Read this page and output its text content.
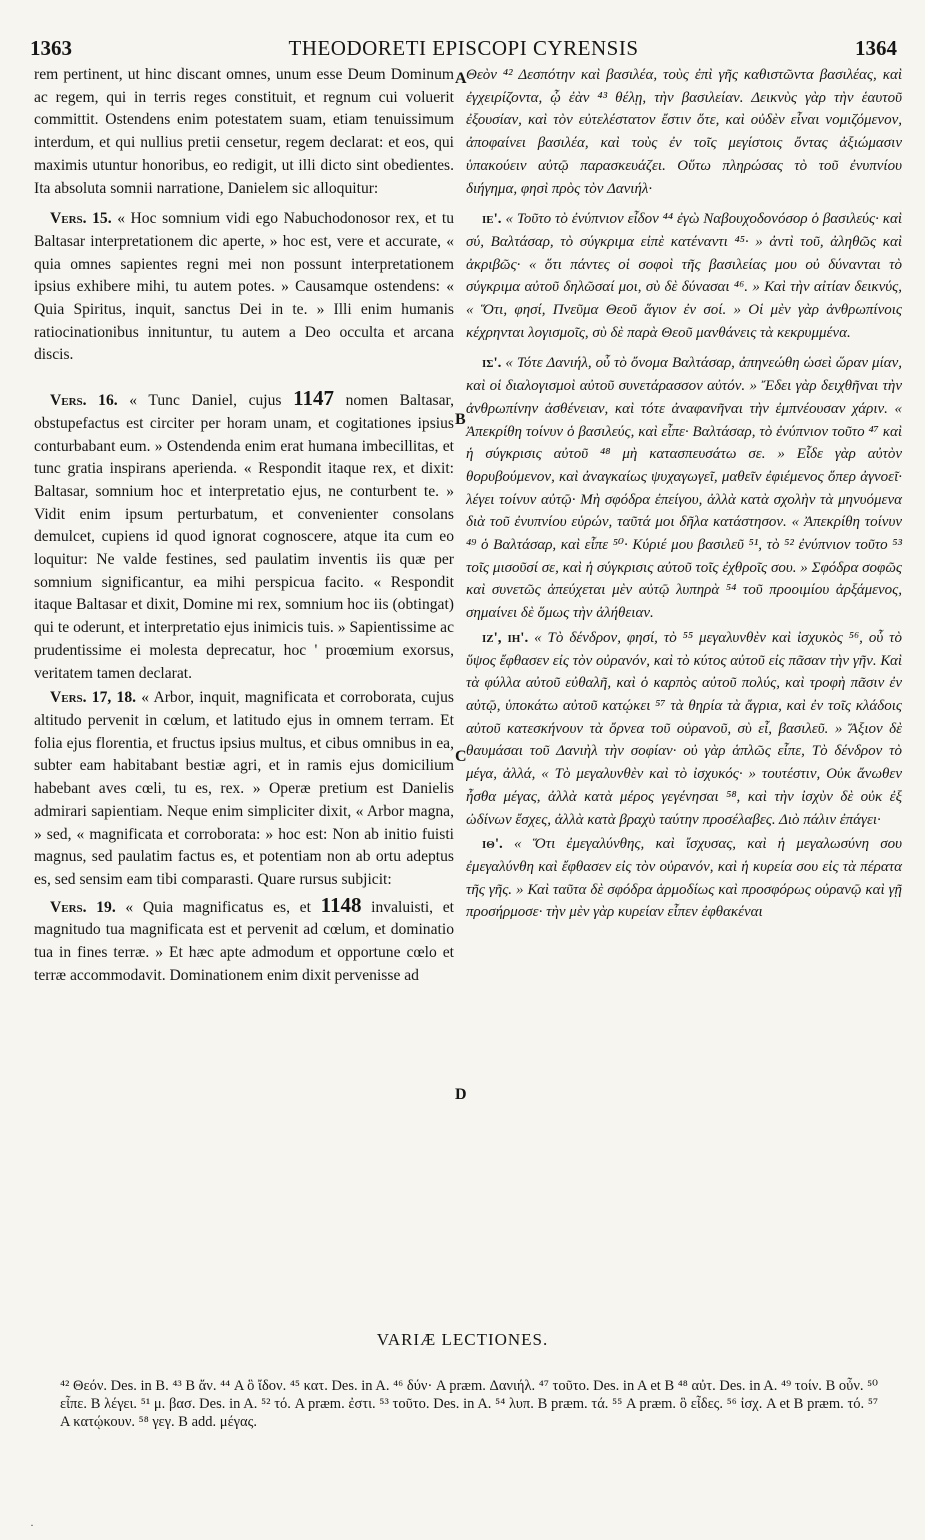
1363	THEODORETI EPISCOPI CYRENSIS	1364
A
B
C
D

rem pertinent, ut hinc discant omnes, unum esse Deum Dominum ac regem, qui in terris reges constituit, et regnum cui voluerit committit. Ostendens enim potestatem suam, etiam tenuissimum interdum, et qui nullius pretii censetur, regem declarat: et eos, qui maximis utuntur honoribus, eo redigit, ut illi dicto sint obedientes. Ita absoluta somnii narratione, Danielem sic alloquitur:

Vers. 15. « Hoc somnium vidi ego Nabuchodonosor rex, et tu Baltasar interpretationem dic aperte, » hoc est, vere et accurate, « quia omnes sapientes regni mei non possunt interpretationem ipsius exhibere mihi, tu autem potes. » Causamque ostendens: « Quia Spiritus, inquit, sanctus Dei in te. » Illi enim humanis ratiocinationibus innituntur, tu autem a Deo occulta et arcana discis.

Vers. 16. « Tunc Daniel, cujus 1147 nomen Baltasar, obstupefactus est circiter per horam unam, et cogitationes ipsius conturbabant eum. » Ostendenda enim erat humana imbecillitas, et tunc gratia inspirans aperienda. « Respondit itaque rex, et dixit: Baltasar, somnium hoc et interpretatio ejus, ne conturbent te. » Vidit enim ipsum perturbatum, et convenienter consolans demulcet, cupiens id quod ignorat cognoscere, atque ita cum eo loquitur: Ne valde festines, sed paulatim inventis iis quæ per somnium significantur, ea mihi perspicua facito. « Respondit itaque Baltasar et dixit, Domine mi rex, somnium hoc iis (obtingat) qui te oderunt, et interpretatio ejus inimicis tuis. » Sapientissime ac prudentissime ei molesta deprecatur, hoc ' proœmium exorsus, veritatem tamen declarat.

Vers. 17, 18. « Arbor, inquit, magnificata et corroborata, cujus altitudo pervenit in cœlum, et latitudo ejus in omnem terram. Et folia ejus florentia, et fructus ipsius multus, et cibus omnibus in ea, subter eam habitabant bestiæ agri, et in ramis ejus domicilium habebant aves cœli, tu es, rex. » Operæ pretium est Danielis admirari sapientiam. Neque enim simpliciter dixit, « Arbor magna, » sed, « magnificata et corroborata: » hoc est: Non ab initio fuisti magnus, sed paulatim factus es, et potentiam non ab ortu adeptus es, sed sensim eam tibi comparasti. Quare rursus subjicit:

Vers. 19. « Quia magnificatus es, et 1148 invaluisti, et magnitudo tua magnificata est et pervenit ad cœlum, et dominatio tua in fines terræ. » Et hæc apte admodum et opportune cœlo et terræ accommodavit. Dominationem enim dixit pervenisse ad

Θεὸν ⁴² Δεσπότην καὶ βασιλέα, τοὺς ἐπὶ γῆς καθιστῶντα βασιλέας, καὶ ἐγχειρίζοντα, ᾧ ἐὰν ⁴³ θέλῃ, τὴν βασιλείαν. Δεικνὺς γὰρ τὴν ἑαυτοῦ ἐξουσίαν, καὶ τὸν εὐτελέστατον ἔστιν ὅτε, καὶ οὐδὲν εἶναι νομιζόμενον, ἀποφαίνει βασιλέα, καὶ τοὺς ἐν τοῖς μεγίστοις ὄντας ἀξιώμασιν ὑπακούειν αὐτῷ παρασκευάζει. Οὕτω πληρώσας τὸ τοῦ ἐνυπνίου διήγημα, φησὶ πρὸς τὸν Δανιήλ·

ιε'. « Τοῦτο τὸ ἐνύπνιον εἶδον ⁴⁴ ἐγὼ Ναβουχοδονόσορ ὁ βασιλεύς· καὶ σύ, Βαλτάσαρ, τὸ σύγκριμα εἰπὲ κατέναντι ⁴⁵· » ἀντὶ τοῦ, ἀληθῶς καὶ ἀκριβῶς· « ὅτι πάντες οἱ σοφοὶ τῆς βασιλείας μου οὐ δύνανται τὸ σύγκριμα αὐτοῦ δηλῶσαί μοι, σὺ δὲ δύνασαι ⁴⁶. » Καὶ τὴν αἰτίαν δεικνύς, « Ὅτι, φησί, Πνεῦμα Θεοῦ ἅγιον ἐν σοί. » Οἱ μὲν γὰρ ἀνθρωπίνοις κέχρηνται λογισμοῖς, σὺ δὲ παρὰ Θεοῦ μανθάνεις τὰ κεκρυμμένα.

ις'. « Τότε Δανιήλ, οὗ τὸ ὄνομα Βαλτάσαρ, ἀπηνεώθη ὡσεὶ ὥραν μίαν, καὶ οἱ διαλογισμοὶ αὐτοῦ συνετάρασσον αὐτόν. » Ἔδει γὰρ δειχθῆναι τὴν ἀνθρωπίνην ἀσθένειαν, καὶ τότε ἀναφανῆναι τὴν ἐμπνέουσαν χάριν. « Ἀπεκρίθη τοίνυν ὁ βασιλεύς, καὶ εἶπε· Βαλτάσαρ, τὸ ἐνύπνιον τοῦτο ⁴⁷ καὶ ἡ σύγκρισις αὐτοῦ ⁴⁸ μὴ κατασπευσάτω σε. » Εἶδε γὰρ αὐτὸν θορυβούμενον, καὶ ἀναγκαίως ψυχαγωγεῖ, μαθεῖν ἐφιέμενος ὅπερ ἀγνοεῖ· λέγει τοίνυν αὐτῷ· Μὴ σφόδρα ἐπείγου, ἀλλὰ κατὰ σχολὴν τὰ μηνυόμενα διὰ τοῦ ἐνυπνίου εὑρών, ταῦτά μοι δῆλα κατάστησον. « Ἀπεκρίθη τοίνυν ⁴⁹ ὁ Βαλτάσαρ, καὶ εἶπε ⁵⁰· Κύριέ μου βασιλεῦ ⁵¹, τὸ ⁵² ἐνύπνιον τοῦτο ⁵³ τοῖς μισοῦσί σε, καὶ ἡ σύγκρισις αὐτοῦ τοῖς ἐχθροῖς σου. » Σφόδρα σοφῶς καὶ συνετῶς ἀπεύχεται μὲν αὐτῷ λυπηρὰ ⁵⁴ τοῦ προοιμίου ἀρξάμενος, σημαίνει δὲ ὅμως τὴν ἀλήθειαν.

ιζ', ιη'. « Τὸ δένδρον, φησί, τὸ ⁵⁵ μεγαλυνθὲν καὶ ἰσχυκὸς ⁵⁶, οὗ τὸ ὕψος ἔφθασεν εἰς τὸν οὐρανόν, καὶ τὸ κύτος αὐτοῦ εἰς πᾶσαν τὴν γῆν. Καὶ τὰ φύλλα αὐτοῦ εὐθαλῆ, καὶ ὁ καρπὸς αὐτοῦ πολύς, καὶ τροφὴ πᾶσιν ἐν αὐτῷ, ὑποκάτω αὐτοῦ κατῴκει ⁵⁷ τὰ θηρία τὰ ἄγρια, καὶ ἐν τοῖς κλάδοις αὐτοῦ κατεσκήνουν τὰ ὄρνεα τοῦ οὐρανοῦ, σὺ εἶ, βασιλεῦ. » Ἄξιον δὲ θαυμάσαι τοῦ Δανιὴλ τὴν σοφίαν· οὐ γὰρ ἁπλῶς εἶπε, Τὸ δένδρον τὸ μέγα, ἀλλά, « Τὸ μεγαλυνθὲν καὶ τὸ ἰσχυκός· » τουτέστιν, Οὐκ ἄνωθεν ἦσθα μέγας, ἀλλὰ κατὰ μέρος γεγένησαι ⁵⁸, καὶ τὴν ἰσχὺν δὲ οὐκ ἐξ ὠδίνων ἔσχες, ἀλλὰ κατὰ βραχὺ ταύτην προσέλαβες. Διὸ πάλιν ἐπάγει·

ιθ'. « Ὅτι ἐμεγαλύνθης, καὶ ἴσχυσας, καὶ ἡ μεγαλωσύνη σου ἐμεγαλύνθη καὶ ἔφθασεν εἰς τὸν οὐρανόν, καὶ ἡ κυρεία σου εἰς τὰ πέρατα τῆς γῆς. » Καὶ ταῦτα δὲ σφόδρα ἁρμοδίως καὶ προσφόρως οὐρανῷ καὶ γῇ προσήρμοσε· τὴν μὲν γὰρ κυρείαν εἶπεν ἐφθακέναι

VARIÆ LECTIONES.
⁴² Θεόν. Des. in B. ⁴³ B ἄν. ⁴⁴ A ὃ ἴδον. ⁴⁵ κατ. Des. in A. ⁴⁶ δύν· A præm. Δανιήλ. ⁴⁷ τοῦτο. Des. in A et B ⁴⁸ αὐτ. Des. in A. ⁴⁹ τοίν. B οὖν. ⁵⁰ εἶπε. B λέγει. ⁵¹ μ. βασ. Des. in A. ⁵² τό. A præm. ἐστι. ⁵³ τοῦτο. Des. in A. ⁵⁴ λυπ. B præm. τά. ⁵⁵ A præm. ὃ εἶδες. ⁵⁶ ἰσχ. A et B præm. τό. ⁵⁷ A κατῴκουν. ⁵⁸ γεγ. B add. μέγας.
·
